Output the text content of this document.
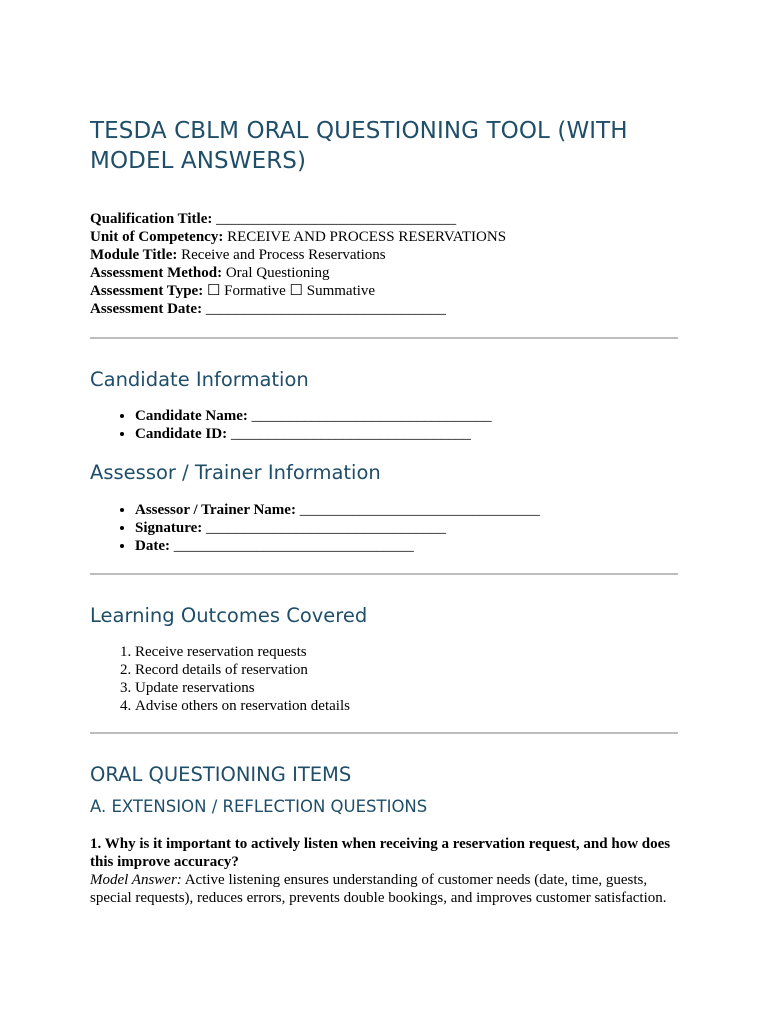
TESDA CBLM ORAL QUESTIONING TOOL (WITH MODEL ANSWERS)

Qualification Title: ________________________________

Unit of Competency: RECEIVE AND PROCESS RESERVATIONS

Module Title: Receive and Process Reservations

Assessment Method: Oral Questioning

Assessment Type: ☐ Formative ☐ Summative

Assessment Date: ________________________________

Candidate Information
• Candidate Name: ________________________________
• Candidate ID: ________________________________
Assessor / Trainer Information
• Assessor / Trainer Name: ________________________________
• Signature: ________________________________
• Date: ________________________________
Learning Outcomes Covered
1. Receive reservation requests
2. Record details of reservation
3. Update reservations
4. Advise others on reservation details
ORAL QUESTIONING ITEMS
A. EXTENSION / REFLECTION QUESTIONS

1. Why is it important to actively listen when receiving a reservation request, and how does this improve accuracy?

Model Answer: Active listening ensures understanding of customer needs (date, time, guests, special requests), reduces errors, prevents double bookings, and improves customer satisfaction.
